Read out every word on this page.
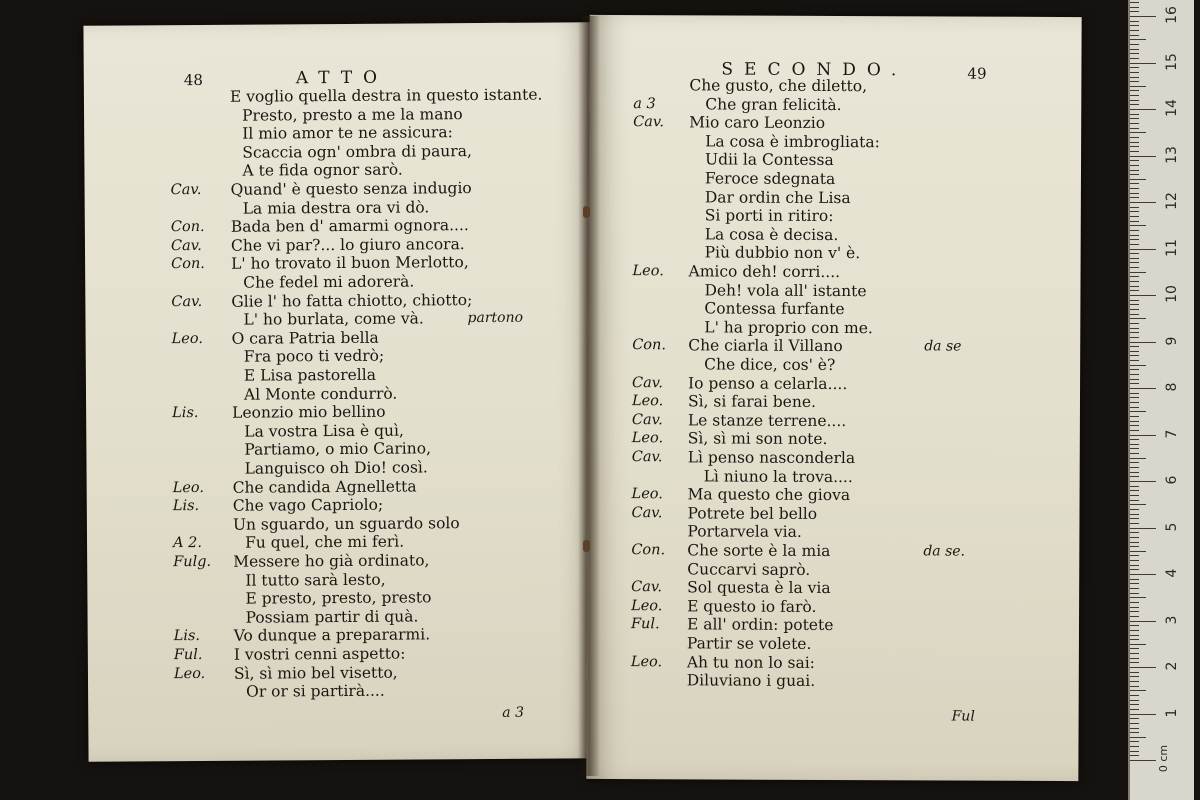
48	ATTO
E voglio quella destra in questo istante.
Presto, presto a me la mano
Il mio amor te ne assicura:
Scaccia ogn' ombra di paura,
A te fida ognor sarò.
Cav.	Quand' è questo senza indugio
La mia destra ora vi dò.
Con.	Bada ben d' amarmi ognora....
Cav.	Che vi par?... lo giuro ancora.
Con.	L' ho trovato il buon Merlotto,
Che fedel mi adorerà.
Cav.	Glie l' ho fatta chiotto, chiotto;
L' ho burlata, come và.	partono
Leo.	O cara Patria bella
Fra poco ti vedrò;
E Lisa pastorella
Al Monte condurrò.
Lis.	Leonzio mio bellino
La vostra Lisa è quì,
Partiamo, o mio Carino,
Languisco oh Dio! così.
Leo.	Che candida Agnelletta
Lis.	Che vago Capriolo;
Un sguardo, un sguardo solo
A 2.	Fu quel, che mi ferì.
Fulg.	Messere ho già ordinato,
Il tutto sarà lesto,
E presto, presto, presto
Possiam partir di quà.
Lis.	Vo dunque a prepararmi.
Ful.	I vostri cenni aspetto:
Leo.	Sì, sì mio bel visetto,
Or or si partirà....
a 3
SECONDO.	49
Che gusto, che diletto,
a 3	Che gran felicità.
Cav.	Mio caro Leonzio
La cosa è imbrogliata:
Udii la Contessa
Feroce sdegnata
Dar ordin che Lisa
Si porti in ritiro:
La cosa è decisa.
Più dubbio non v' è.
Leo.	Amico deh! corri....
Deh! vola all' istante
Contessa furfante
L' ha proprio con me.
Con.	Che ciarla il Villano	da se
Che dice, cos' è?
Cav.	Io penso a celarla....
Leo.	Sì, si farai bene.
Cav.	Le stanze terrene....
Leo.	Sì, sì mi son note.
Cav.	Lì penso nasconderla
Lì niuno la trova....
Leo.	Ma questo che giova
Cav.	Potrete bel bello
Portarvela via.
Con.	Che sorte è la mia	da se.
Cuccarvi saprò.
Cav.	Sol questa è la via
Leo.	E questo io farò.
Ful.	E all' ordin: potete
Partir se volete.
Leo.	Ah tu non lo sai:
Diluviano i guai.
Ful
16
15
14
13
12
11
10
9
8
7
6
5
4
3
2
1
0 cm
